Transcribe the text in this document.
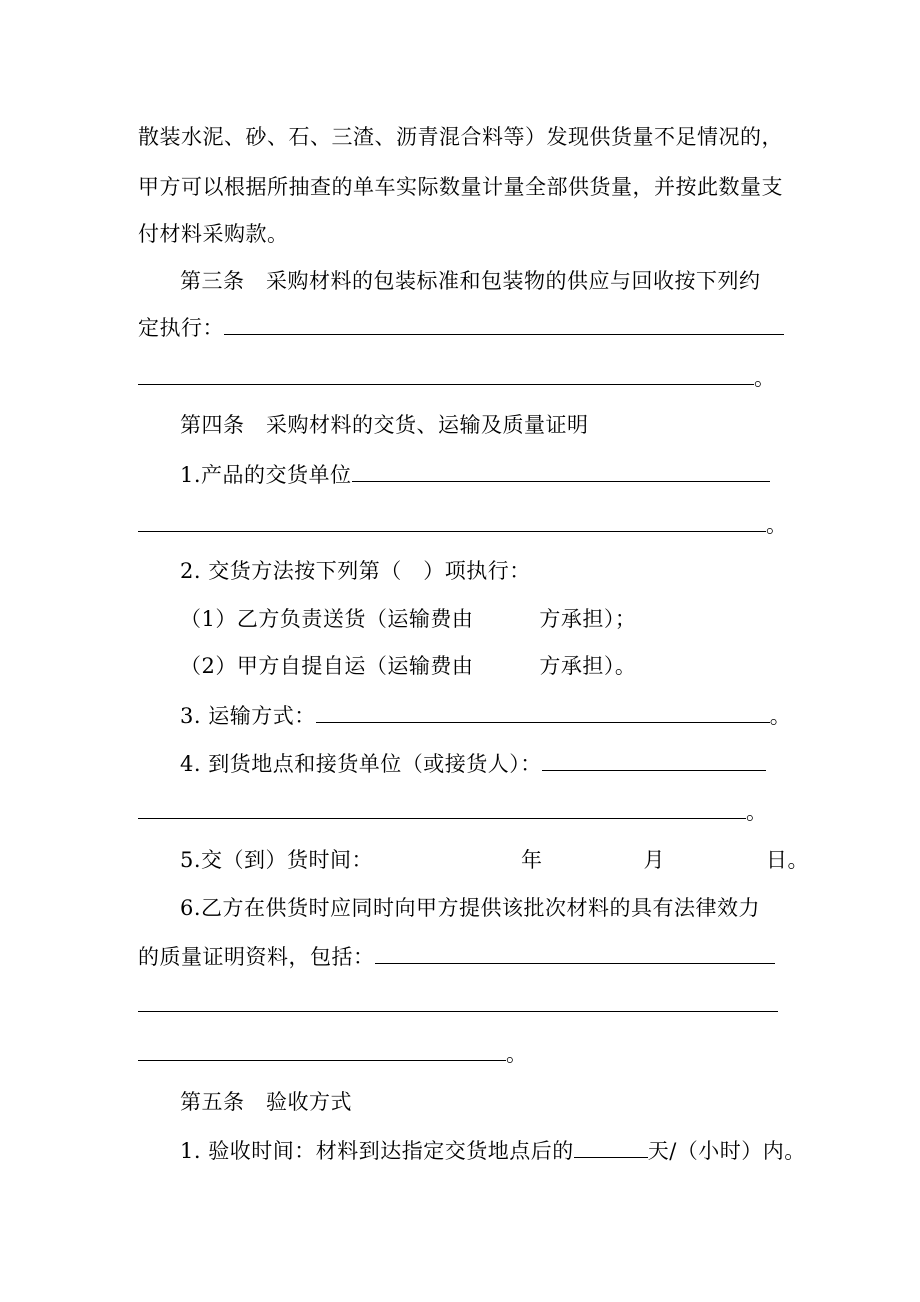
散装水泥、砂、石、三渣、沥青混合料等）发现供货量不足情况的，
甲方可以根据所抽查的单车实际数量计量全部供货量，并按此数量支
付材料采购款。
第三条　采购材料的包装标准和包装物的供应与回收按下列约
定执行：
。
第四条　采购材料的交货、运输及质量证明
1.产品的交货单位
。
2. 交货方法按下列第（　）项执行：
（1）乙方负责送货（运输费由	方承担）；
（2）甲方自提自运（运输费由	方承担）。
3. 运输方式：	。
4. 到货地点和接货单位（或接货人）：
。
5.交（到）货时间：	年	月	日。
6.乙方在供货时应同时向甲方提供该批次材料的具有法律效力
的质量证明资料，包括：
。
第五条　验收方式
1. 验收时间：材料到达指定交货地点后的	天/（小时）内。
